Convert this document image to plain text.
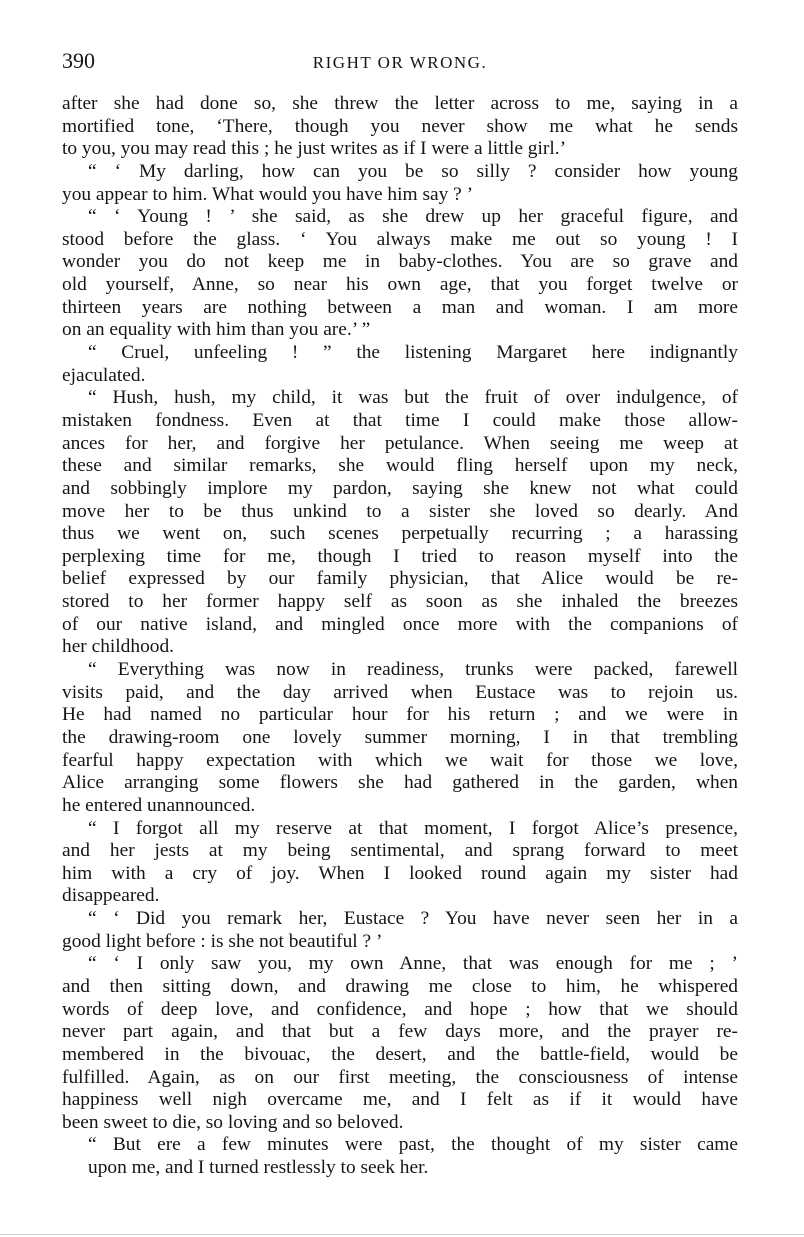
390	RIGHT OR WRONG.
after she had done so, she threw the letter across to me, saying in a
mortified tone, ‘There, though you never show me what he sends
to you, you may read this ; he just writes as if I were a little girl.’
“ ‘ My darling, how can you be so silly ? consider how young
you appear to him. What would you have him say ? ’
“ ‘ Young ! ’ she said, as she drew up her graceful figure, and
stood before the glass. ‘ You always make me out so young ! I
wonder you do not keep me in baby-clothes. You are so grave and
old yourself, Anne, so near his own age, that you forget twelve or
thirteen years are nothing between a man and woman. I am more
on an equality with him than you are.’ ”
“ Cruel, unfeeling ! ” the listening Margaret here indignantly
ejaculated.
“ Hush, hush, my child, it was but the fruit of over indulgence, of
mistaken fondness. Even at that time I could make those allow-
ances for her, and forgive her petulance. When seeing me weep at
these and similar remarks, she would fling herself upon my neck,
and sobbingly implore my pardon, saying she knew not what could
move her to be thus unkind to a sister she loved so dearly. And
thus we went on, such scenes perpetually recurring ; a harassing
perplexing time for me, though I tried to reason myself into the
belief expressed by our family physician, that Alice would be re-
stored to her former happy self as soon as she inhaled the breezes
of our native island, and mingled once more with the companions of
her childhood.
“ Everything was now in readiness, trunks were packed, farewell
visits paid, and the day arrived when Eustace was to rejoin us.
He had named no particular hour for his return ; and we were in
the drawing-room one lovely summer morning, I in that trembling
fearful happy expectation with which we wait for those we love,
Alice arranging some flowers she had gathered in the garden, when
he entered unannounced.
“ I forgot all my reserve at that moment, I forgot Alice’s presence,
and her jests at my being sentimental, and sprang forward to meet
him with a cry of joy. When I looked round again my sister had
disappeared.
“ ‘ Did you remark her, Eustace ? You have never seen her in a
good light before : is she not beautiful ? ’
“ ‘ I only saw you, my own Anne, that was enough for me ; ’
and then sitting down, and drawing me close to him, he whispered
words of deep love, and confidence, and hope ; how that we should
never part again, and that but a few days more, and the prayer re-
membered in the bivouac, the desert, and the battle-field, would be
fulfilled. Again, as on our first meeting, the consciousness of intense
happiness well nigh overcame me, and I felt as if it would have
been sweet to die, so loving and so beloved.
“ But ere a few minutes were past, the thought of my sister came
upon me, and I turned restlessly to seek her.
